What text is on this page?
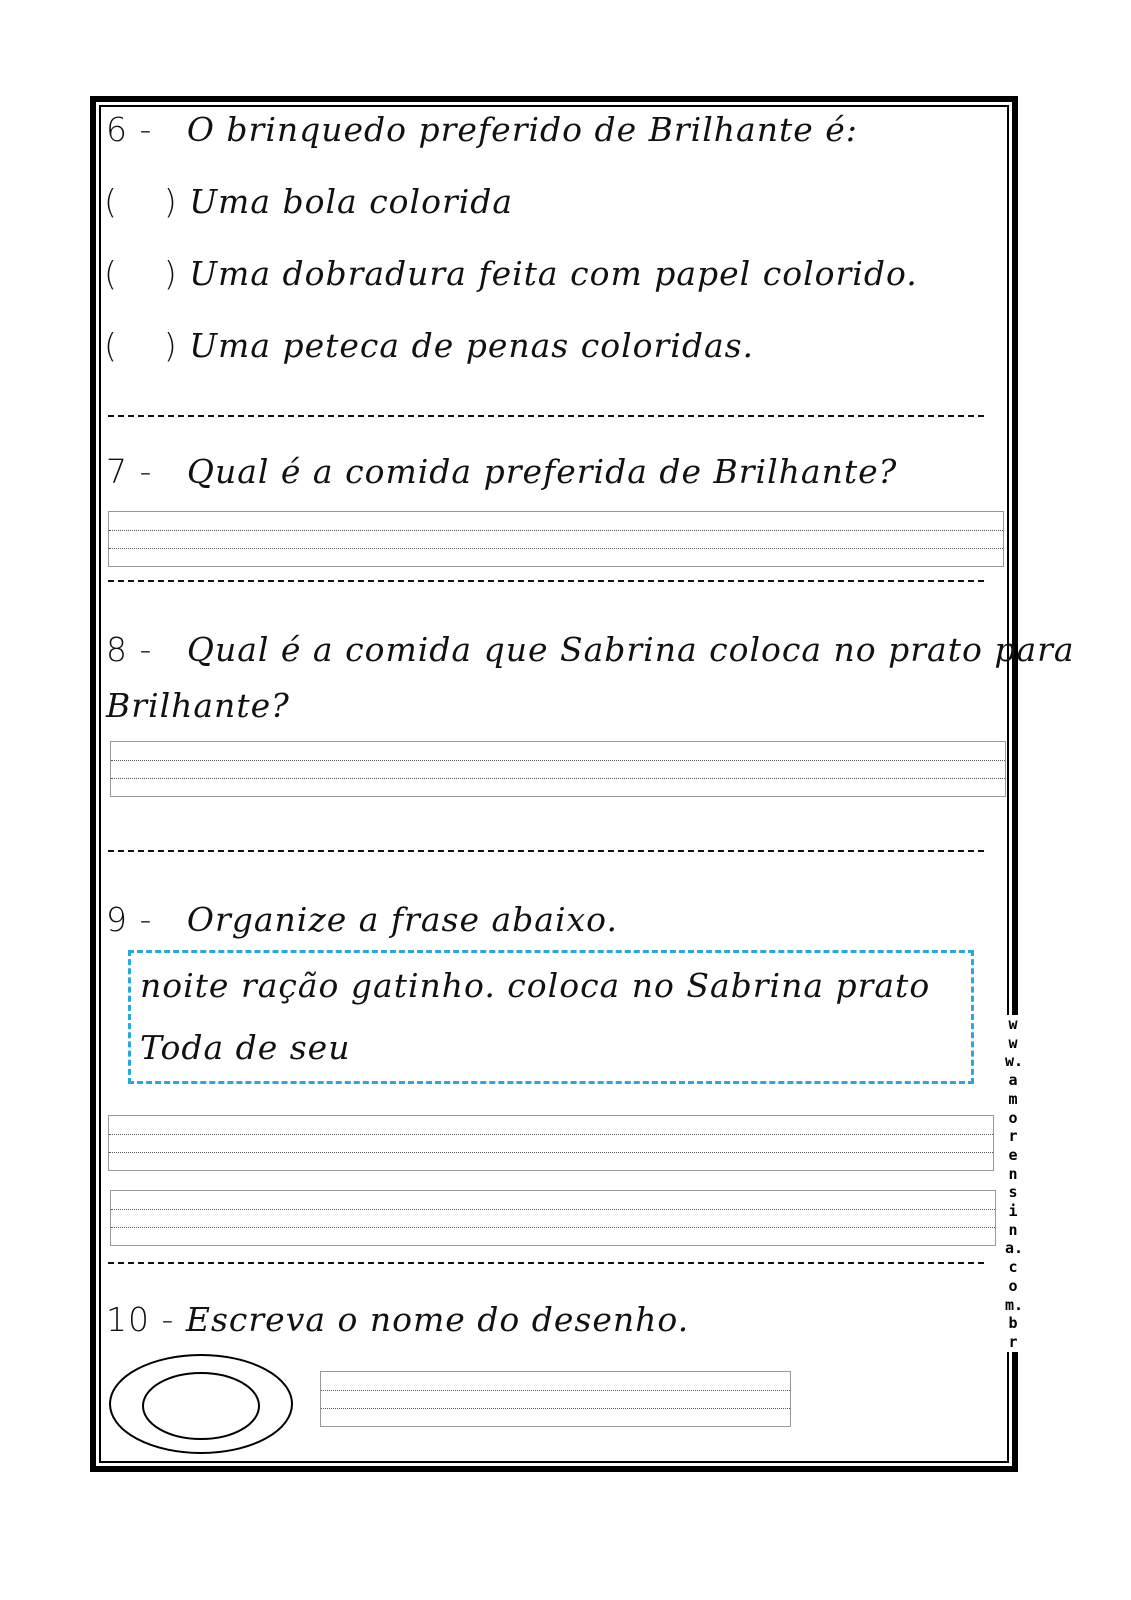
6 - O brinquedo preferido de Brilhante é:
( ) Uma bola colorida
( ) Uma dobradura feita com papel colorido.
( ) Uma peteca de penas coloridas.
7 - Qual é a comida preferida de Brilhante?
8 - Qual é a comida que Sabrina coloca no prato para
Brilhante?
9 - Organize a frase abaixo.
noite ração gatinho. coloca no Sabrina prato
Toda de seu
10 - Escreva o nome do desenho.
www.amorensina.com.br
